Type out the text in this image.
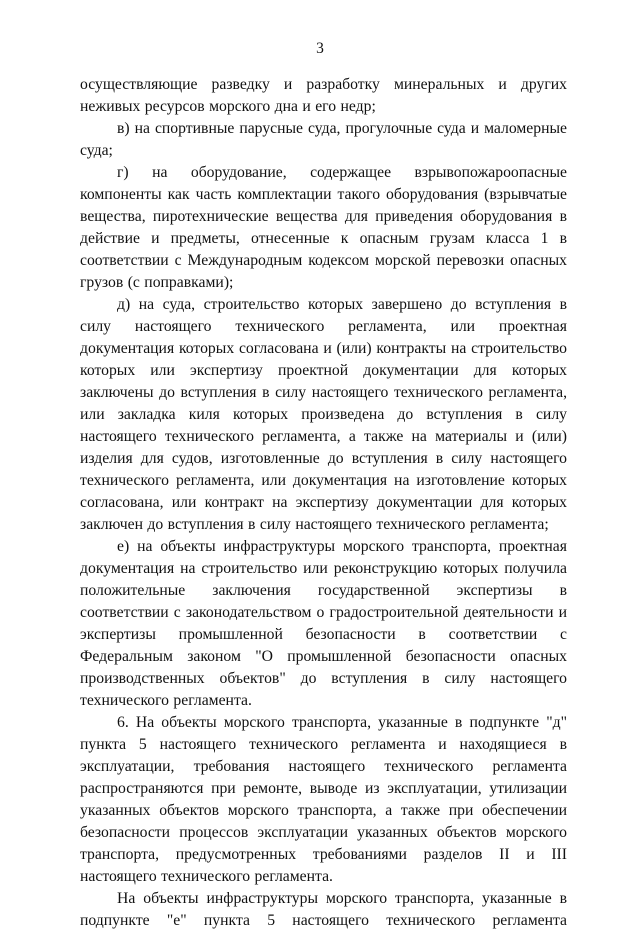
3

осуществляющие разведку и разработку минеральных и других неживых ресурсов морского дна и его недр;

в) на спортивные парусные суда, прогулочные суда и маломерные суда;

г) на оборудование, содержащее взрывопожароопасные компоненты как часть комплектации такого оборудования (взрывчатые вещества, пиротехнические вещества для приведения оборудования в действие и предметы, отнесенные к опасным грузам класса 1 в соответствии с Международным кодексом морской перевозки опасных грузов (с поправками);

д) на суда, строительство которых завершено до вступления в силу настоящего технического регламента, или проектная документация которых согласована и (или) контракты на строительство которых или экспертизу проектной документации для которых заключены до вступления в силу настоящего технического регламента, или закладка киля которых произведена до вступления в силу настоящего технического регламента, а также на материалы и (или) изделия для судов, изготовленные до вступления в силу настоящего технического регламента, или документация на изготовление которых согласована, или контракт на экспертизу документации для которых заключен до вступления в силу настоящего технического регламента;

е) на объекты инфраструктуры морского транспорта, проектная документация на строительство или реконструкцию которых получила положительные заключения государственной экспертизы в соответствии с законодательством о градостроительной деятельности и экспертизы промышленной безопасности в соответствии с Федеральным законом "О промышленной безопасности опасных производственных объектов" до вступления в силу настоящего технического регламента.

6. На объекты морского транспорта, указанные в подпункте "д" пункта 5 настоящего технического регламента и находящиеся в эксплуатации, требования настоящего технического регламента распространяются при ремонте, выводе из эксплуатации, утилизации указанных объектов морского транспорта, а также при обеспечении безопасности процессов эксплуатации указанных объектов морского транспорта, предусмотренных требованиями разделов II и III настоящего технического регламента.

На объекты инфраструктуры морского транспорта, указанные в подпункте "е" пункта 5 настоящего технического регламента
